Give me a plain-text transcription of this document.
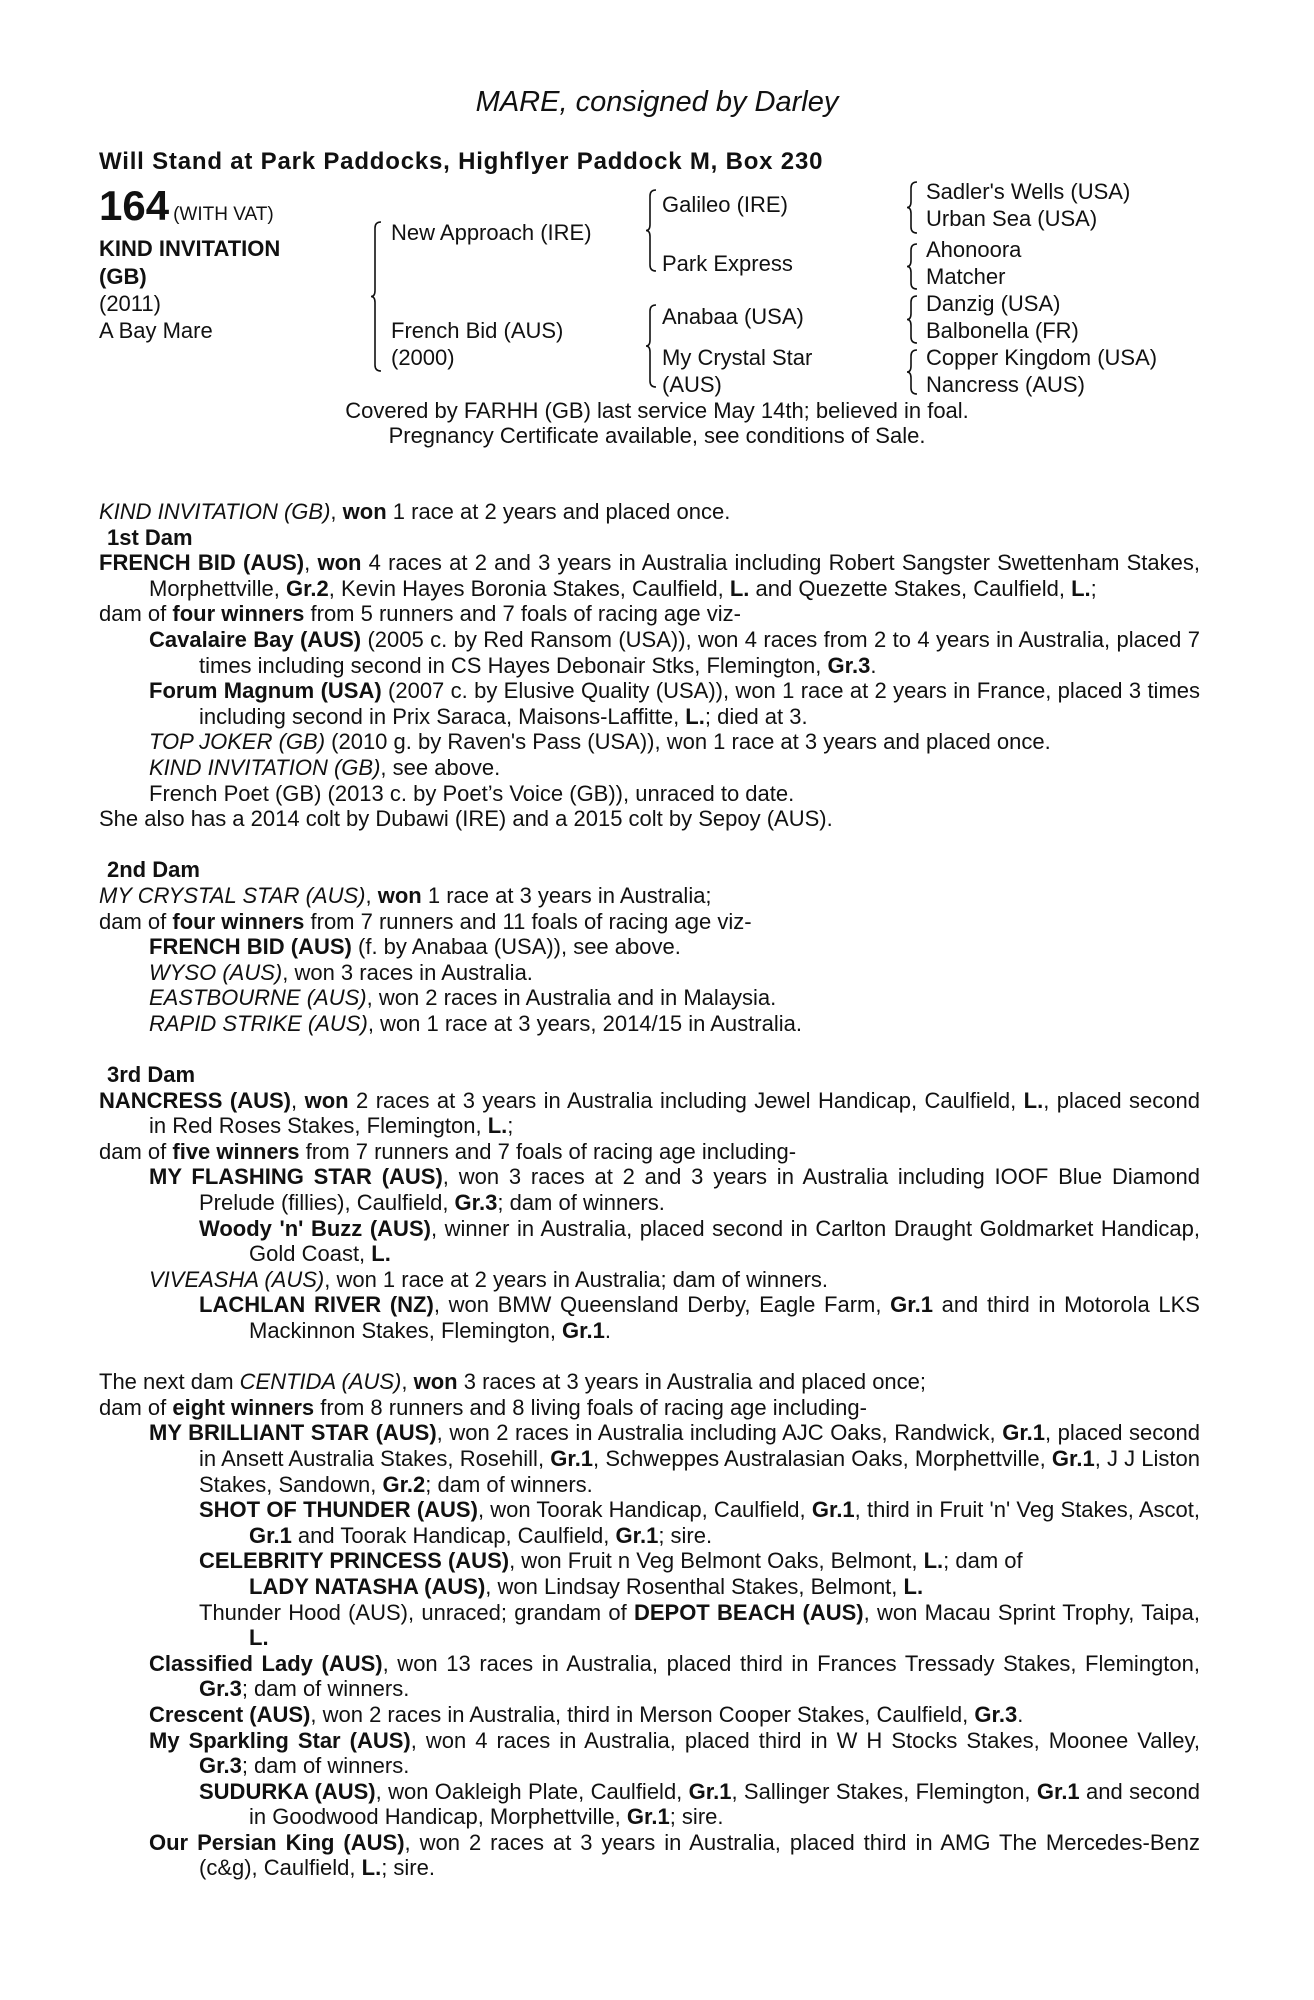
MARE, consigned by Darley
Will Stand at Park Paddocks, Highflyer Paddock M, Box 230
164 (WITH VAT)
KIND INVITATION
(GB)
(2011)
A Bay Mare
New Approach (IRE)
French Bid (AUS)
(2000)
Galileo (IRE)
Park Express
Anabaa (USA)
My Crystal Star
(AUS)
Sadler's Wells (USA)
Urban Sea (USA)
Ahonoora
Matcher
Danzig (USA)
Balbonella (FR)
Copper Kingdom (USA)
Nancress (AUS)
Covered by FARHH (GB) last service May 14th; believed in foal.
Pregnancy Certificate available, see conditions of Sale.
KIND INVITATION (GB), won 1 race at 2 years and placed once.
1st Dam
FRENCH BID (AUS), won 4 races at 2 and 3 years in Australia including Robert Sangster Swettenham Stakes, Morphettville, Gr.2, Kevin Hayes Boronia Stakes, Caulfield, L. and Quezette Stakes, Caulfield, L.;
dam of four winners from 5 runners and 7 foals of racing age viz-
Cavalaire Bay (AUS) (2005 c. by Red Ransom (USA)), won 4 races from 2 to 4 years in Australia, placed 7 times including second in CS Hayes Debonair Stks, Flemington, Gr.3.
Forum Magnum (USA) (2007 c. by Elusive Quality (USA)), won 1 race at 2 years in France, placed 3 times including second in Prix Saraca, Maisons-Laffitte, L.; died at 3.
TOP JOKER (GB) (2010 g. by Raven's Pass (USA)), won 1 race at 3 years and placed once.
KIND INVITATION (GB), see above.
French Poet (GB) (2013 c. by Poet’s Voice (GB)), unraced to date.
She also has a 2014 colt by Dubawi (IRE) and a 2015 colt by Sepoy (AUS).
2nd Dam
MY CRYSTAL STAR (AUS), won 1 race at 3 years in Australia;
dam of four winners from 7 runners and 11 foals of racing age viz-
FRENCH BID (AUS) (f. by Anabaa (USA)), see above.
WYSO (AUS), won 3 races in Australia.
EASTBOURNE (AUS), won 2 races in Australia and in Malaysia.
RAPID STRIKE (AUS), won 1 race at 3 years, 2014/15 in Australia.
3rd Dam
NANCRESS (AUS), won 2 races at 3 years in Australia including Jewel Handicap, Caulfield, L., placed second in Red Roses Stakes, Flemington, L.;
dam of five winners from 7 runners and 7 foals of racing age including-
MY FLASHING STAR (AUS), won 3 races at 2 and 3 years in Australia including IOOF Blue Diamond Prelude (fillies), Caulfield, Gr.3; dam of winners.
Woody 'n' Buzz (AUS), winner in Australia, placed second in Carlton Draught Goldmarket Handicap, Gold Coast, L.
VIVEASHA (AUS), won 1 race at 2 years in Australia; dam of winners.
LACHLAN RIVER (NZ), won BMW Queensland Derby, Eagle Farm, Gr.1 and third in Motorola LKS Mackinnon Stakes, Flemington, Gr.1.
The next dam CENTIDA (AUS), won 3 races at 3 years in Australia and placed once;
dam of eight winners from 8 runners and 8 living foals of racing age including-
MY BRILLIANT STAR (AUS), won 2 races in Australia including AJC Oaks, Randwick, Gr.1, placed second in Ansett Australia Stakes, Rosehill, Gr.1, Schweppes Australasian Oaks, Morphettville, Gr.1, J J Liston Stakes, Sandown, Gr.2; dam of winners.
SHOT OF THUNDER (AUS), won Toorak Handicap, Caulfield, Gr.1, third in Fruit 'n' Veg Stakes, Ascot, Gr.1 and Toorak Handicap, Caulfield, Gr.1; sire.
CELEBRITY PRINCESS (AUS), won Fruit n Veg Belmont Oaks, Belmont, L.; dam of
LADY NATASHA (AUS), won Lindsay Rosenthal Stakes, Belmont, L.
Thunder Hood (AUS), unraced; grandam of DEPOT BEACH (AUS), won Macau Sprint Trophy, Taipa, L.
Classified Lady (AUS), won 13 races in Australia, placed third in Frances Tressady Stakes, Flemington, Gr.3; dam of winners.
Crescent (AUS), won 2 races in Australia, third in Merson Cooper Stakes, Caulfield, Gr.3.
My Sparkling Star (AUS), won 4 races in Australia, placed third in W H Stocks Stakes, Moonee Valley, Gr.3; dam of winners.
SUDURKA (AUS), won Oakleigh Plate, Caulfield, Gr.1, Sallinger Stakes, Flemington, Gr.1 and second in Goodwood Handicap, Morphettville, Gr.1; sire.
Our Persian King (AUS), won 2 races at 3 years in Australia, placed third in AMG The Mercedes-Benz (c&g), Caulfield, L.; sire.
